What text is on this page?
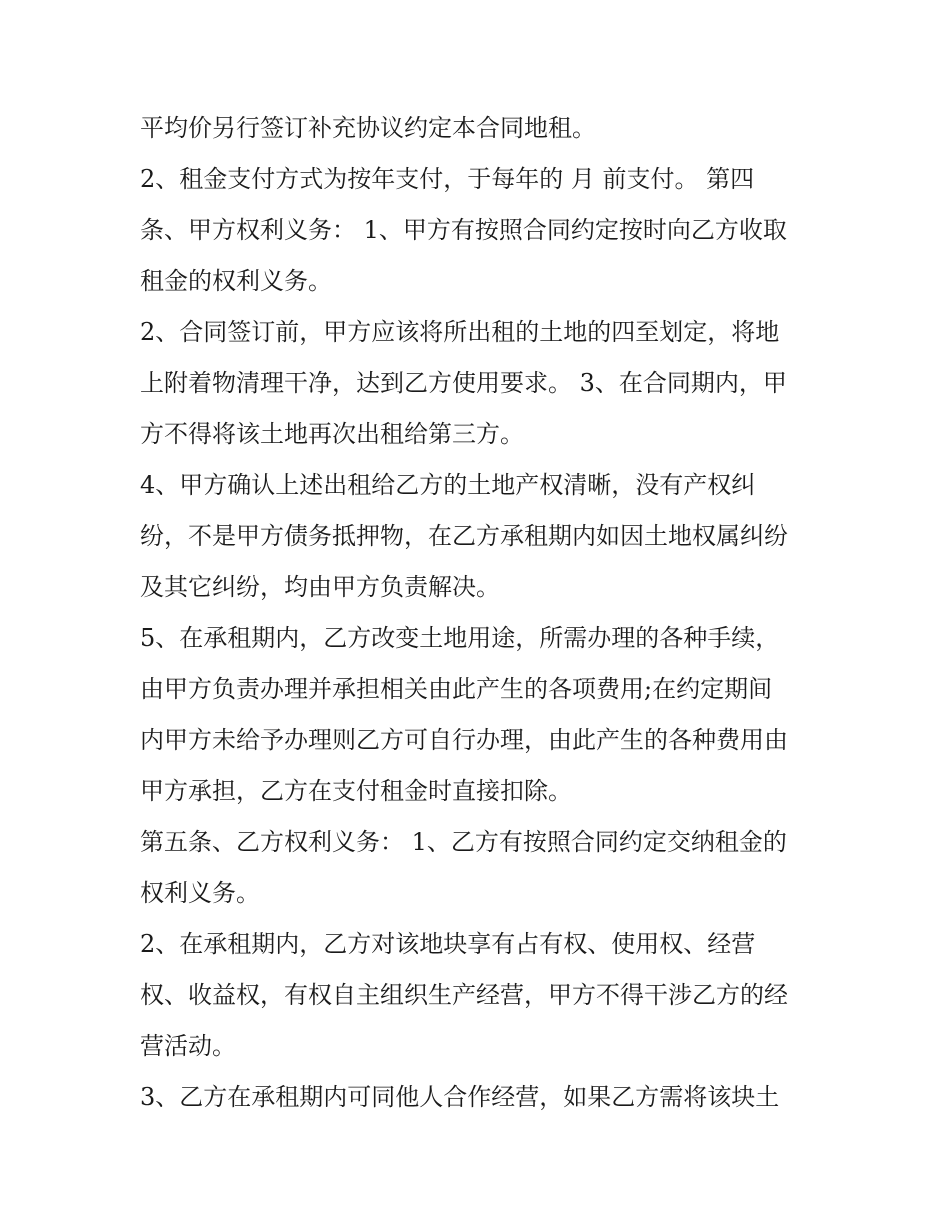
平均价另行签订补充协议约定本合同地租。
2、租金支付方式为按年支付，于每年的 月 前支付。 第四
条、甲方权利义务： 1、甲方有按照合同约定按时向乙方收取
租金的权利义务。
2、合同签订前，甲方应该将所出租的土地的四至划定，将地
上附着物清理干净，达到乙方使用要求。 3、在合同期内，甲
方不得将该土地再次出租给第三方。
4、甲方确认上述出租给乙方的土地产权清晰，没有产权纠
纷，不是甲方债务抵押物，在乙方承租期内如因土地权属纠纷
及其它纠纷，均由甲方负责解决。
5、在承租期内，乙方改变土地用途，所需办理的各种手续，
由甲方负责办理并承担相关由此产生的各项费用;在约定期间
内甲方未给予办理则乙方可自行办理，由此产生的各种费用由
甲方承担，乙方在支付租金时直接扣除。
第五条、乙方权利义务： 1、乙方有按照合同约定交纳租金的
权利义务。
2、在承租期内，乙方对该地块享有占有权、使用权、经营
权、收益权，有权自主组织生产经营，甲方不得干涉乙方的经
营活动。
3、乙方在承租期内可同他人合作经营，如果乙方需将该块土
